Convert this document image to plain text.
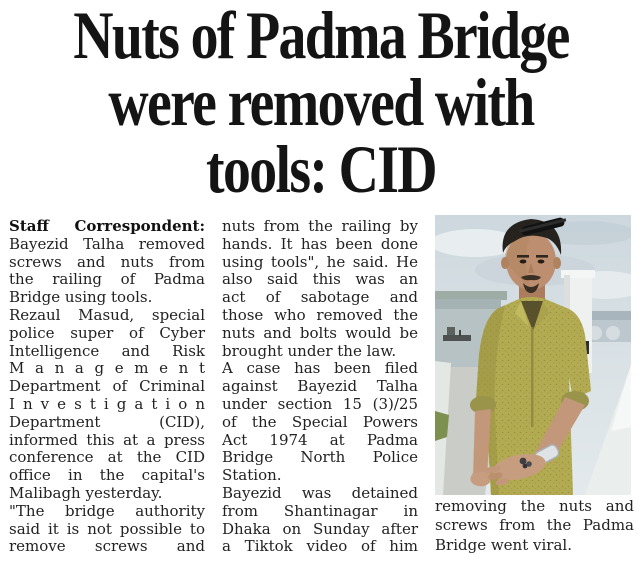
Nuts of Padma Bridge
were removed with
tools: CID
Staff Correspondent:
Bayezid Talha removed
screws and nuts from
the railing of Padma
Bridge using tools.
Rezaul Masud, special
police super of Cyber
Intelligence and Risk
M a n a g e m e n t
Department of Criminal
I n v e s t i g a t i o n
Department (CID),
informed this at a press
conference at the CID
office in the capital's
Malibagh yesterday.
"The bridge authority
said it is not possible to
remove screws and
nuts from the railing by
hands. It has been done
using tools", he said. He
also said this was an
act of sabotage and
those who removed the
nuts and bolts would be
brought under the law.
A case has been filed
against Bayezid Talha
under section 15 (3)/25
of the Special Powers
Act 1974 at Padma
Bridge North Police
Station.
Bayezid was detained
from Shantinagar in
Dhaka on Sunday after
a Tiktok video of him
removing the nuts and
screws from the Padma
Bridge went viral.
